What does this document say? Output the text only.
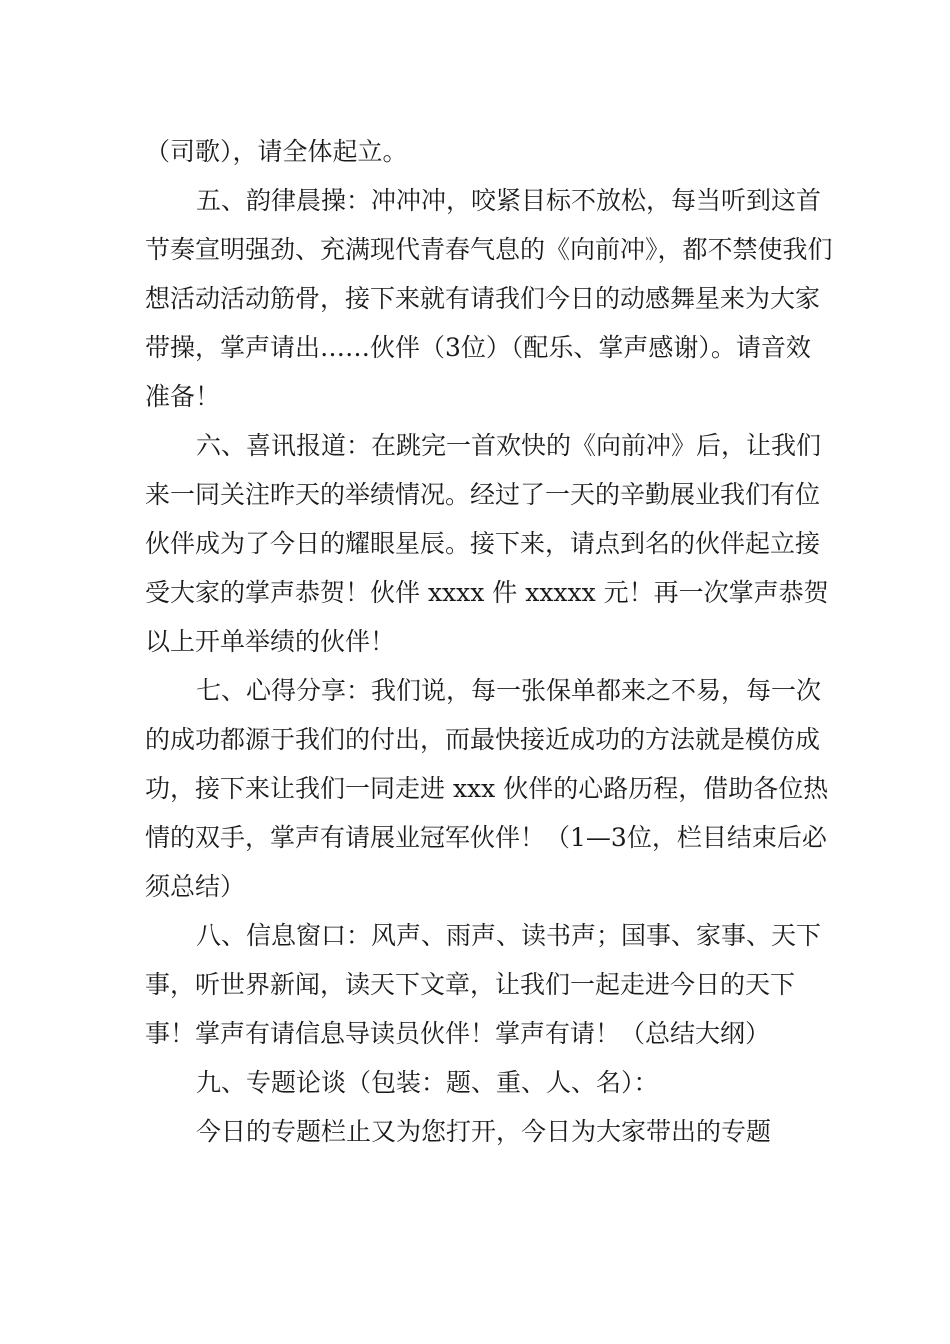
（司歌），请全体起立。

五、韵律晨操：冲冲冲，咬紧目标不放松，每当听到这首节奏宣明强劲、充满现代青春气息的《向前冲》，都不禁使我们想活动活动筋骨，接下来就有请我们今日的动感舞星来为大家带操，掌声请出……伙伴（3位）（配乐、掌声感谢）。请音效准备！

六、喜讯报道：在跳完一首欢快的《向前冲》后，让我们来一同关注昨天的举绩情况。经过了一天的辛勤展业我们有位伙伴成为了今日的耀眼星辰。接下来，请点到名的伙伴起立接受大家的掌声恭贺！伙伴 xxxx 件 xxxxx 元！再一次掌声恭贺以上开单举绩的伙伴！

七、心得分享：我们说，每一张保单都来之不易，每一次的成功都源于我们的付出，而最快接近成功的方法就是模仿成功，接下来让我们一同走进 xxx 伙伴的心路历程，借助各位热情的双手，掌声有请展业冠军伙伴！（1—3位，栏目结束后必须总结）

八、信息窗口：风声、雨声、读书声；国事、家事、天下事，听世界新闻，读天下文章，让我们一起走进今日的天下事！掌声有请信息导读员伙伴！掌声有请！（总结大纲）

九、专题论谈（包装：题、重、人、名）：

今日的专题栏止又为您打开，今日为大家带出的专题
